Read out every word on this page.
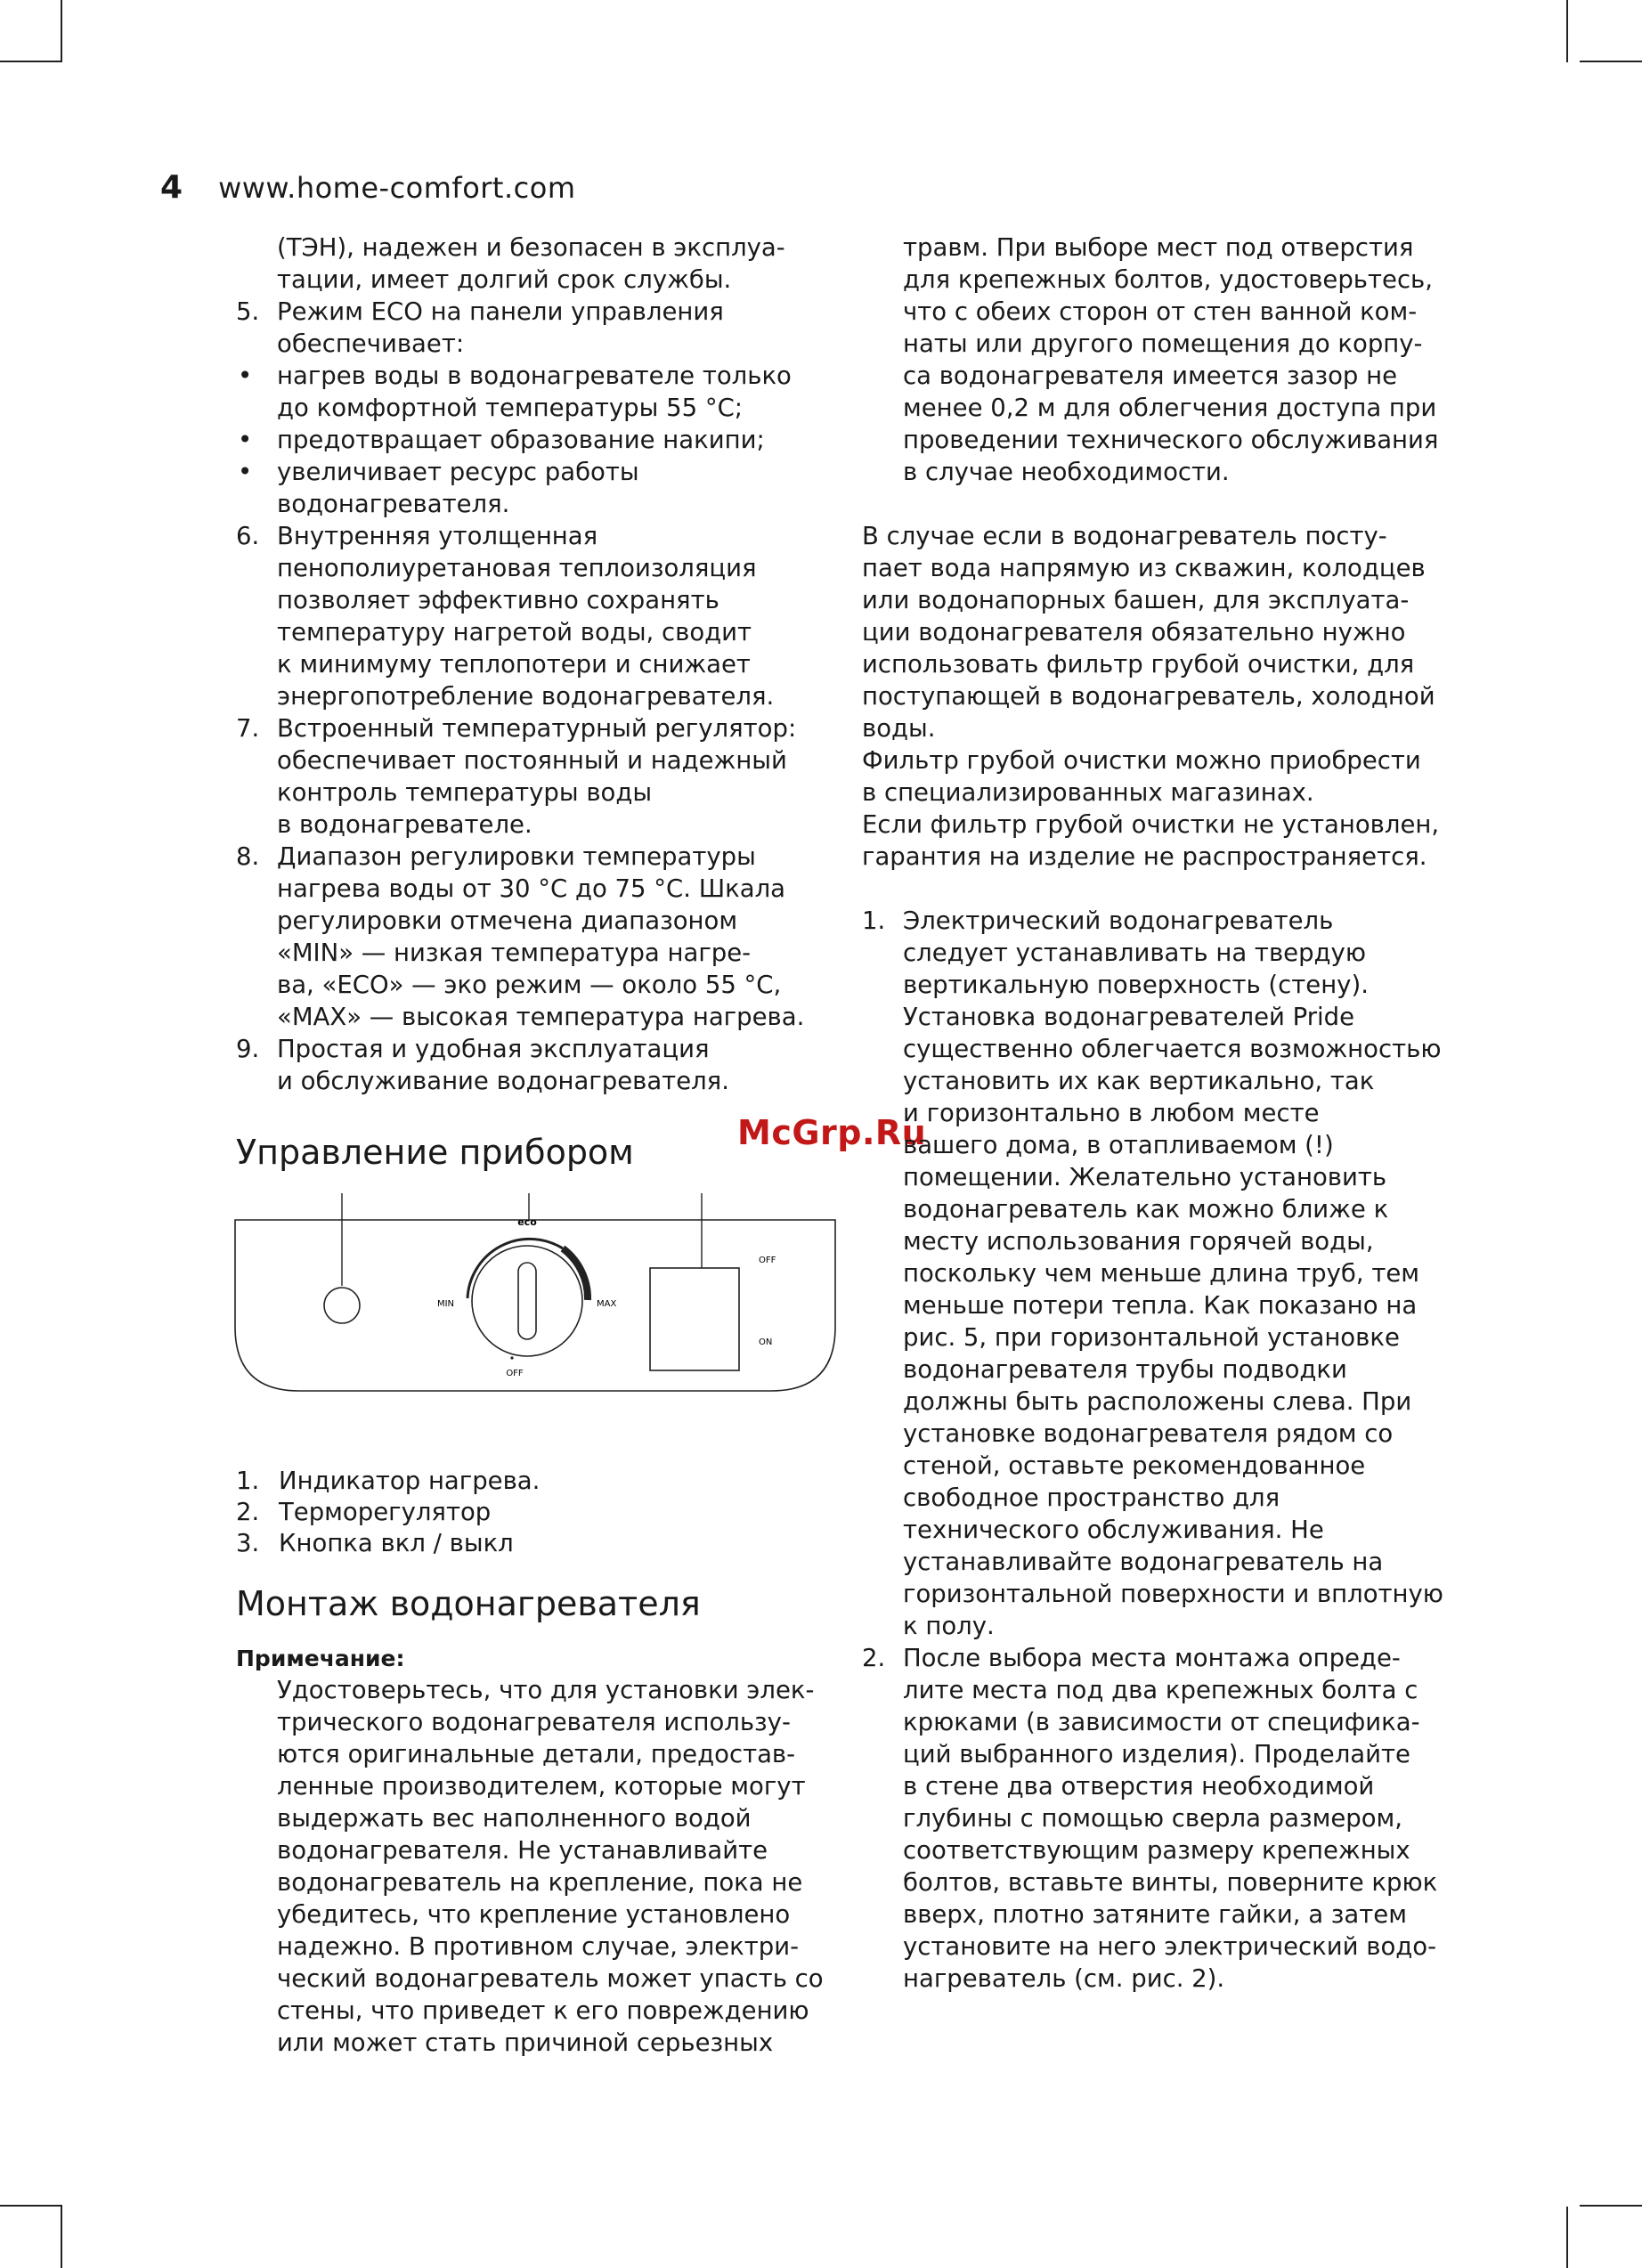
4 www.home-comfort.com
(ТЭН), надежен и безопасен в эксплуа-
тации, имеет долгий срок службы.
5. Режим ECO на панели управления
обеспечивает:
• нагрев воды в водонагревателе только
до комфортной температуры 55 °C;
• предотвращает образование накипи;
• увеличивает ресурс работы
водонагревателя.
6. Внутренняя утолщенная
пенополиуретановая теплоизоляция
позволяет эффективно сохранять
температуру нагретой воды, сводит
к минимуму теплопотери и снижает
энергопотребление водонагревателя.
7. Встроенный температурный регулятор:
обеспечивает постоянный и надежный
контроль температуры воды
в водонагревателе.
8. Диапазон регулировки температуры
нагрева воды от 30 °C до 75 °C. Шкала
регулировки отмечена диапазоном
«MIN» — низкая температура нагре-
ва, «ECO» — эко режим — около 55 °C,
«MAX» — высокая температура нагрева.
9. Простая и удобная эксплуатация
и обслуживание водонагревателя.
Управление прибором
eco
MIN	MAX
OFF
OFF
ON
McGrp.Ru
1. Индикатор нагрева.
2. Терморегулятор
3. Кнопка вкл / выкл
Монтаж водонагревателя
Примечание:
Удостоверьтесь, что для установки элек-
трического водонагревателя использу-
ются оригинальные детали, предостав-
ленные производителем, которые могут
выдержать вес наполненного водой
водонагревателя. Не устанавливайте
водонагреватель на крепление, пока не
убедитесь, что крепление установлено
надежно. В противном случае, электри-
ческий водонагреватель может упасть со
стены, что приведет к его повреждению
или может стать причиной серьезных
травм. При выборе мест под отверстия
для крепежных болтов, удостоверьтесь,
что с обеих сторон от стен ванной ком-
наты или другого помещения до корпу-
са водонагревателя имеется зазор не
менее 0,2 м для облегчения доступа при
проведении технического обслуживания
в случае необходимости.
В случае если в водонагреватель посту-
пает вода напрямую из скважин, колодцев
или водонапорных башен, для эксплуата-
ции водонагревателя обязательно нужно
использовать фильтр грубой очистки, для
поступающей в водонагреватель, холодной
воды.
Фильтр грубой очистки можно приобрести
в специализированных магазинах.
Если фильтр грубой очистки не установлен,
гарантия на изделие не распространяется.
1. Электрический водонагреватель
следует устанавливать на твердую
вертикальную поверхность (стену).
Установка водонагревателей Pride
существенно облегчается возможностью
установить их как вертикально, так
и горизонтально в любом месте
вашего дома, в отапливаемом (!)
помещении. Желательно установить
водонагреватель как можно ближе к
месту использования горячей воды,
поскольку чем меньше длина труб, тем
меньше потери тепла. Как показано на
рис. 5, при горизонтальной установке
водонагревателя трубы подводки
должны быть расположены слева. При
установке водонагревателя рядом со
стеной, оставьте рекомендованное
свободное пространство для
технического обслуживания. Не
устанавливайте водонагреватель на
горизонтальной поверхности и вплотную
к полу.
2. После выбора места монтажа опреде-
лите места под два крепежных болта с
крюками (в зависимости от специфика-
ций выбранного изделия). Проделайте
в стене два отверстия необходимой
глубины с помощью сверла размером,
соответствующим размеру крепежных
болтов, вставьте винты, поверните крюк
вверх, плотно затяните гайки, а затем
установите на него электрический водо-
нагреватель (см. рис. 2).
